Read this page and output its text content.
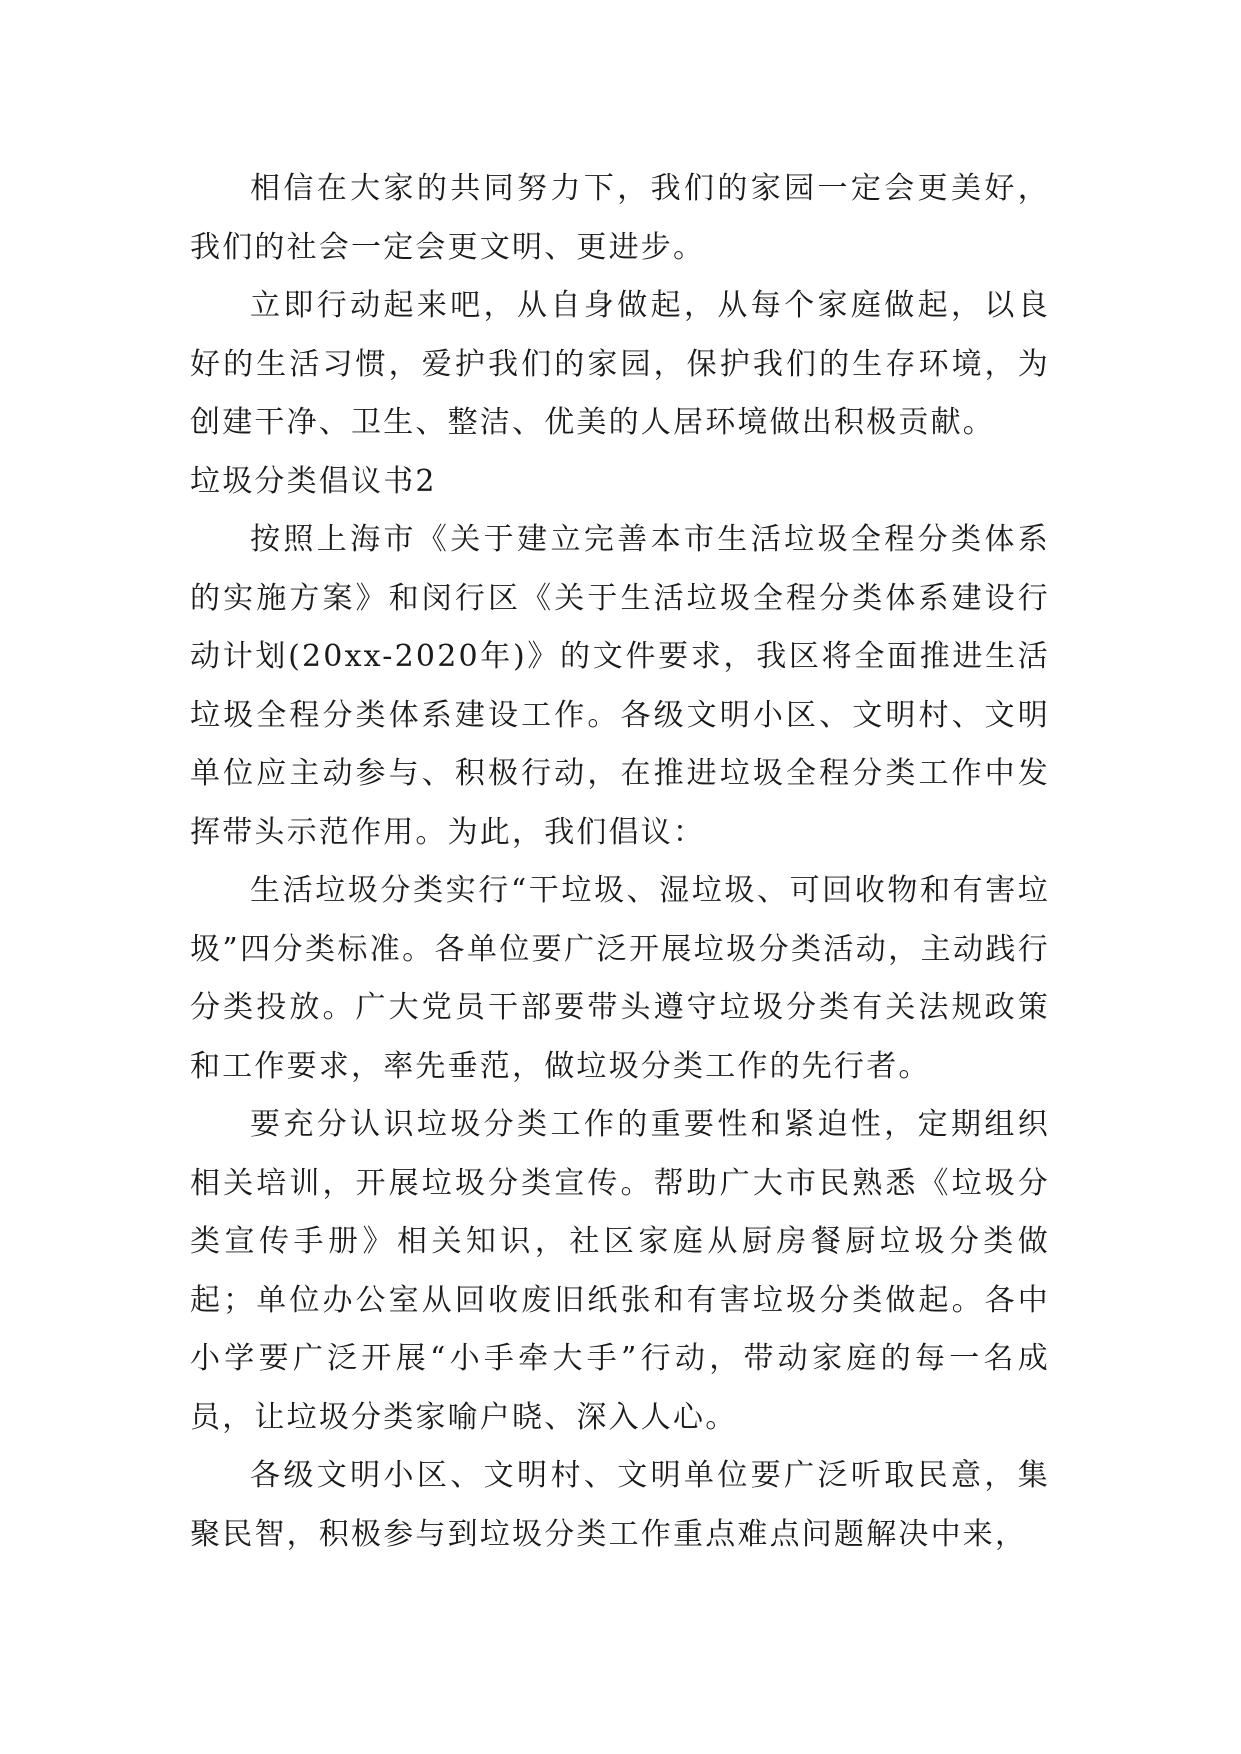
相信在大家的共同努力下，我们的家园一定会更美好，我们的社会一定会更文明、更进步。

立即行动起来吧，从自身做起，从每个家庭做起，以良好的生活习惯，爱护我们的家园，保护我们的生存环境，为创建干净、卫生、整洁、优美的人居环境做出积极贡献。

垃圾分类倡议书2

按照上海市《关于建立完善本市生活垃圾全程分类体系的实施方案》和闵行区《关于生活垃圾全程分类体系建设行动计划(20xx-2020年)》的文件要求，我区将全面推进生活垃圾全程分类体系建设工作。各级文明小区、文明村、文明单位应主动参与、积极行动，在推进垃圾全程分类工作中发挥带头示范作用。为此，我们倡议：

生活垃圾分类实行“干垃圾、湿垃圾、可回收物和有害垃圾”四分类标准。各单位要广泛开展垃圾分类活动，主动践行分类投放。广大党员干部要带头遵守垃圾分类有关法规政策和工作要求，率先垂范，做垃圾分类工作的先行者。

要充分认识垃圾分类工作的重要性和紧迫性，定期组织相关培训，开展垃圾分类宣传。帮助广大市民熟悉《垃圾分类宣传手册》相关知识，社区家庭从厨房餐厨垃圾分类做起；单位办公室从回收废旧纸张和有害垃圾分类做起。各中小学要广泛开展“小手牵大手”行动，带动家庭的每一名成员，让垃圾分类家喻户晓、深入人心。

各级文明小区、文明村、文明单位要广泛听取民意，集聚民智，积极参与到垃圾分类工作重点难点问题解决中来，
